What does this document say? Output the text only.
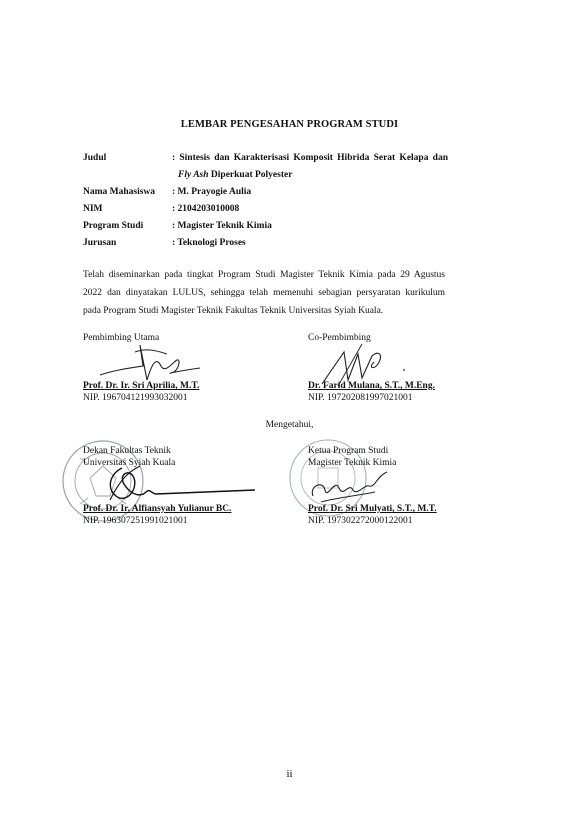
LEMBAR PENGESAHAN PROGRAM STUDI
Judul	: Sintesis dan Karakterisasi Komposit Hibrida Serat Kelapa dan
Fly Ash Diperkuat Polyester
Nama Mahasiswa : M. Prayogie Aulia
NIM	: 2104203010008
Program Studi	: Magister Teknik Kimia
Jurusan	: Teknologi Proses
Telah diseminarkan pada tingkat Program Studi Magister Teknik Kimia pada 29 Agustus
2022 dan dinyatakan LULUS, sehingga telah memenuhi sebagian persyaratan kurikulum
pada Program Studi Magister Teknik Fakultas Teknik Universitas Syiah Kuala.
Pembimbing Utama
Prof. Dr. Ir. Sri Aprilia, M.T.
NIP. 196704121993032001
Co-Pembimbing
Dr. Farid Mulana, S.T., M.Eng.
NIP. 197202081997021001
Mengetahui,
Dekan Fakultas Teknik
Universitas Syiah Kuala
Prof. Dr. Ir. Alfiansyah Yulianur BC.
NIP. 196307251991021001
Ketua Program Studi
Magister Teknik Kimia
Prof. Dr. Sri Mulyati, S.T., M.T.
NIP. 197302272000122001
ii
